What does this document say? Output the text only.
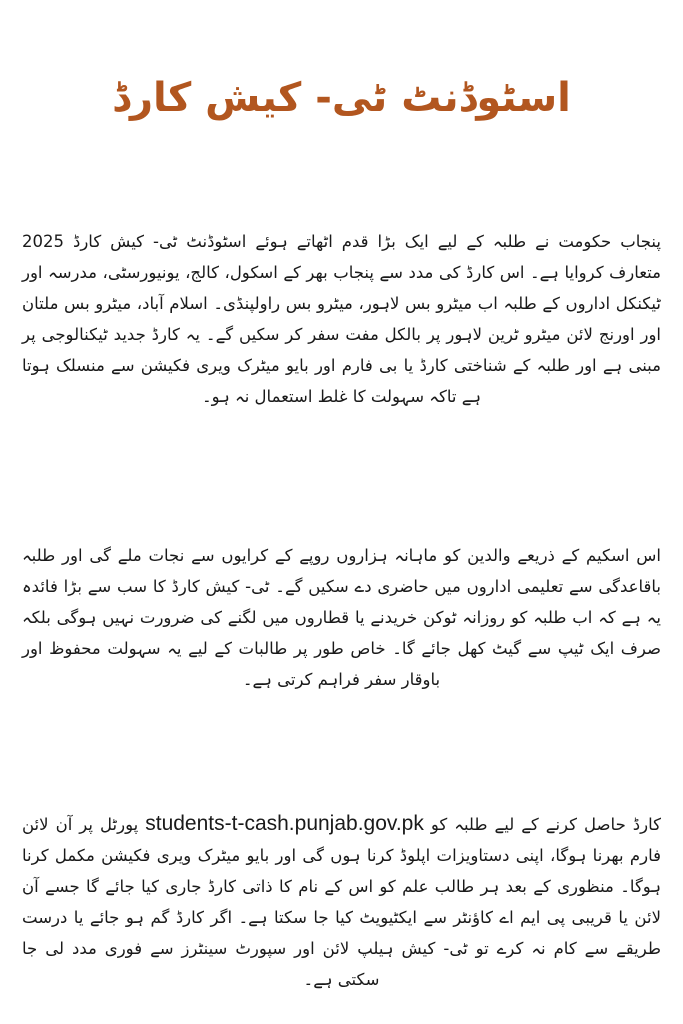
اسٹوڈنٹ ٹی- کیش کارڈ

پنجاب حکومت نے طلبہ کے لیے ایک بڑا قدم اٹھاتے ہوئے اسٹوڈنٹ ٹی- کیش کارڈ 2025 متعارف کروایا ہے۔ اس کارڈ کی مدد سے پنجاب بھر کے اسکول، کالج، یونیورسٹی، مدرسہ اور ٹیکنکل اداروں کے طلبہ اب میٹرو بس لاہور، میٹرو بس راولپنڈی۔ اسلام آباد، میٹرو بس ملتان اور اورنج لائن میٹرو ٹرین لاہور پر بالکل مفت سفر کر سکیں گے۔ یہ کارڈ جدید ٹیکنالوجی پر مبنی ہے اور طلبہ کے شناختی کارڈ یا بی فارم اور بایو میٹرک ویری فکیشن سے منسلک ہوتا ہے تاکہ سہولت کا غلط استعمال نہ ہو۔

اس اسکیم کے ذریعے والدین کو ماہانہ ہزاروں روپے کے کرایوں سے نجات ملے گی اور طلبہ باقاعدگی سے تعلیمی اداروں میں حاضری دے سکیں گے۔ ٹی- کیش کارڈ کا سب سے بڑا فائدہ یہ ہے کہ اب طلبہ کو روزانہ ٹوکن خریدنے یا قطاروں میں لگنے کی ضرورت نہیں ہوگی بلکہ صرف ایک ٹیپ سے گیٹ کھل جائے گا۔ خاص طور پر طالبات کے لیے یہ سہولت محفوظ اور باوقار سفر فراہم کرتی ہے۔

کارڈ حاصل کرنے کے لیے طلبہ کو students-t-cash.punjab.gov.pk پورٹل پر آن لائن فارم بھرنا ہوگا، اپنی دستاویزات اپلوڈ کرنا ہوں گی اور بایو میٹرک ویری فکیشن مکمل کرنا ہوگا۔ منظوری کے بعد ہر طالب علم کو اس کے نام کا ذاتی کارڈ جاری کیا جائے گا جسے آن لائن یا قریبی پی ایم اے کاؤنٹر سے ایکٹیویٹ کیا جا سکتا ہے۔ اگر کارڈ گم ہو جائے یا درست طریقے سے کام نہ کرے تو ٹی- کیش ہیلپ لائن اور سپورٹ سینٹرز سے فوری مدد لی جا سکتی ہے۔
